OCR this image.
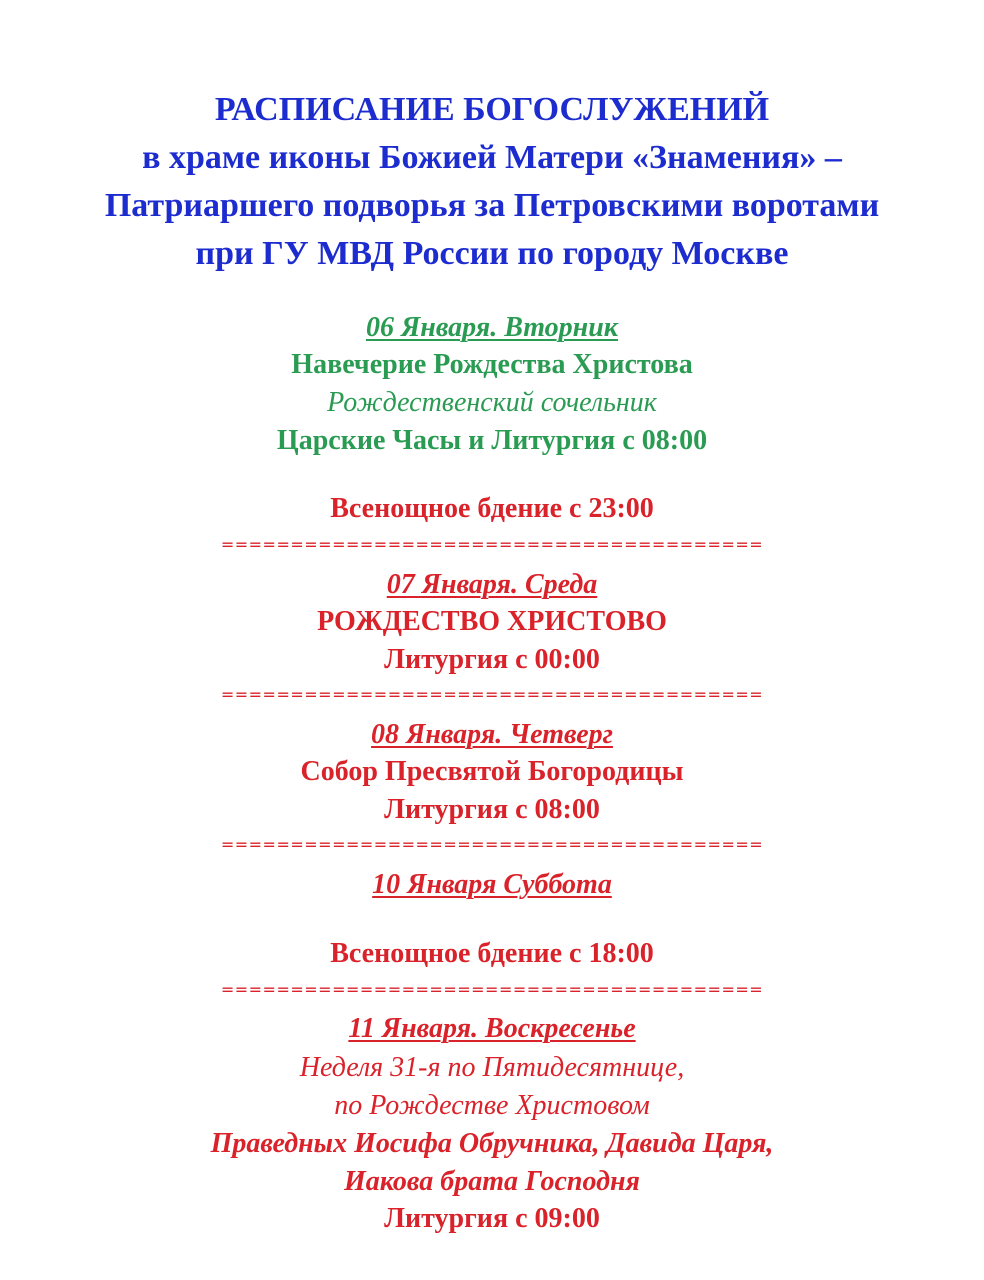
РАСПИСАНИЕ БОГОСЛУЖЕНИЙ
в храме иконы Божией Матери «Знамения» –
Патриаршего подворья за Петровскими воротами
при ГУ МВД России по городу Москве
06 Января. Вторник
Навечерие Рождества Христова
Рождественский сочельник
Царские Часы и Литургия с 08:00
Всенощное бдение с 23:00
=======================================
07 Января. Среда
РОЖДЕСТВО ХРИСТОВО
Литургия с 00:00
=======================================
08 Января. Четверг
Собор Пресвятой Богородицы
Литургия с 08:00
=======================================
10 Января Суббота
Всенощное бдение с 18:00
=======================================
11 Января. Воскресенье
Неделя 31-я по Пятидесятнице,
по Рождестве Христовом
Праведных Иосифа Обручника, Давида Царя,
Иакова брата Господня
Литургия с 09:00
